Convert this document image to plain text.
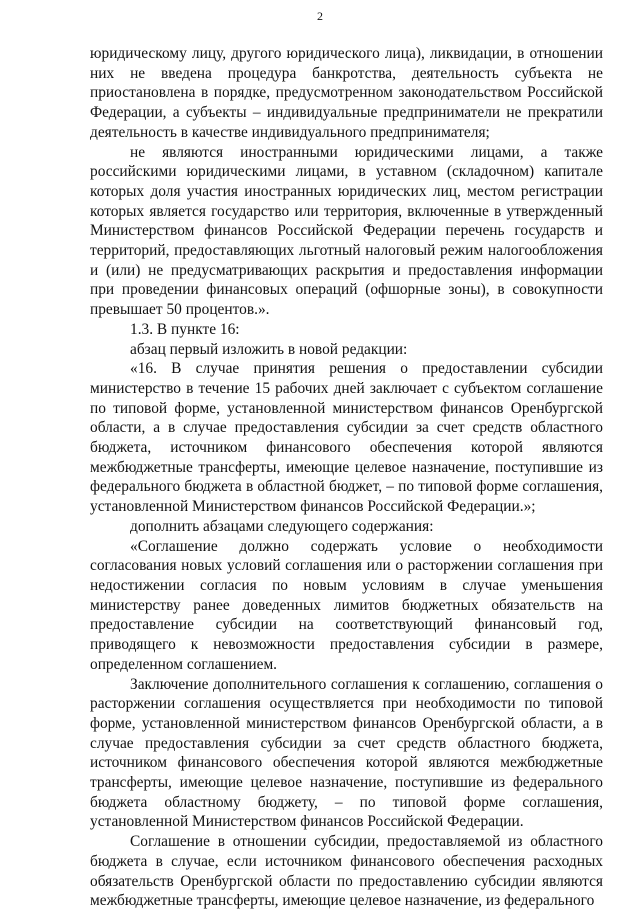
2

юридическому лицу, другого юридического лица), ликвидации, в отношении них не введена процедура банкротства, деятельность субъекта не приостановлена в порядке, предусмотренном законодательством Российской Федерации, а субъекты – индивидуальные предприниматели не прекратили деятельность в качестве индивидуального предпринимателя;

не являются иностранными юридическими лицами, а также российскими юридическими лицами, в уставном (складочном) капитале которых доля участия иностранных юридических лиц, местом регистрации которых является государство или территория, включенные в утвержденный Министерством финансов Российской Федерации перечень государств и территорий, предоставляющих льготный налоговый режим налогообложения и (или) не предусматривающих раскрытия и предоставления информации при проведении финансовых операций (офшорные зоны), в совокупности превышает 50 процентов.».

1.3. В пункте 16:

абзац первый изложить в новой редакции:

«16. В случае принятия решения о предоставлении субсидии министерство в течение 15 рабочих дней заключает с субъектом соглашение по типовой форме, установленной министерством финансов Оренбургской области, а в случае предоставления субсидии за счет средств областного бюджета, источником финансового обеспечения которой являются межбюджетные трансферты, имеющие целевое назначение, поступившие из федерального бюджета в областной бюджет, – по типовой форме соглашения, установленной Министерством финансов Российской Федерации.»;

дополнить абзацами следующего содержания:

«Соглашение должно содержать условие о необходимости согласования новых условий соглашения или о расторжении соглашения при недостижении согласия по новым условиям в случае уменьшения министерству ранее доведенных лимитов бюджетных обязательств на предоставление субсидии на соответствующий финансовый год, приводящего к невозможности предоставления субсидии в размере, определенном соглашением.

Заключение дополнительного соглашения к соглашению, соглашения о расторжении соглашения осуществляется при необходимости по типовой форме, установленной министерством финансов Оренбургской области, а в случае предоставления субсидии за счет средств областного бюджета, источником финансового обеспечения которой являются межбюджетные трансферты, имеющие целевое назначение, поступившие из федерального бюджета областному бюджету, – по типовой форме соглашения, установленной Министерством финансов Российской Федерации.

Соглашение в отношении субсидии, предоставляемой из областного бюджета в случае, если источником финансового обеспечения расходных обязательств Оренбургской области по предоставлению субсидии являются межбюджетные трансферты, имеющие целевое назначение, из федерального
